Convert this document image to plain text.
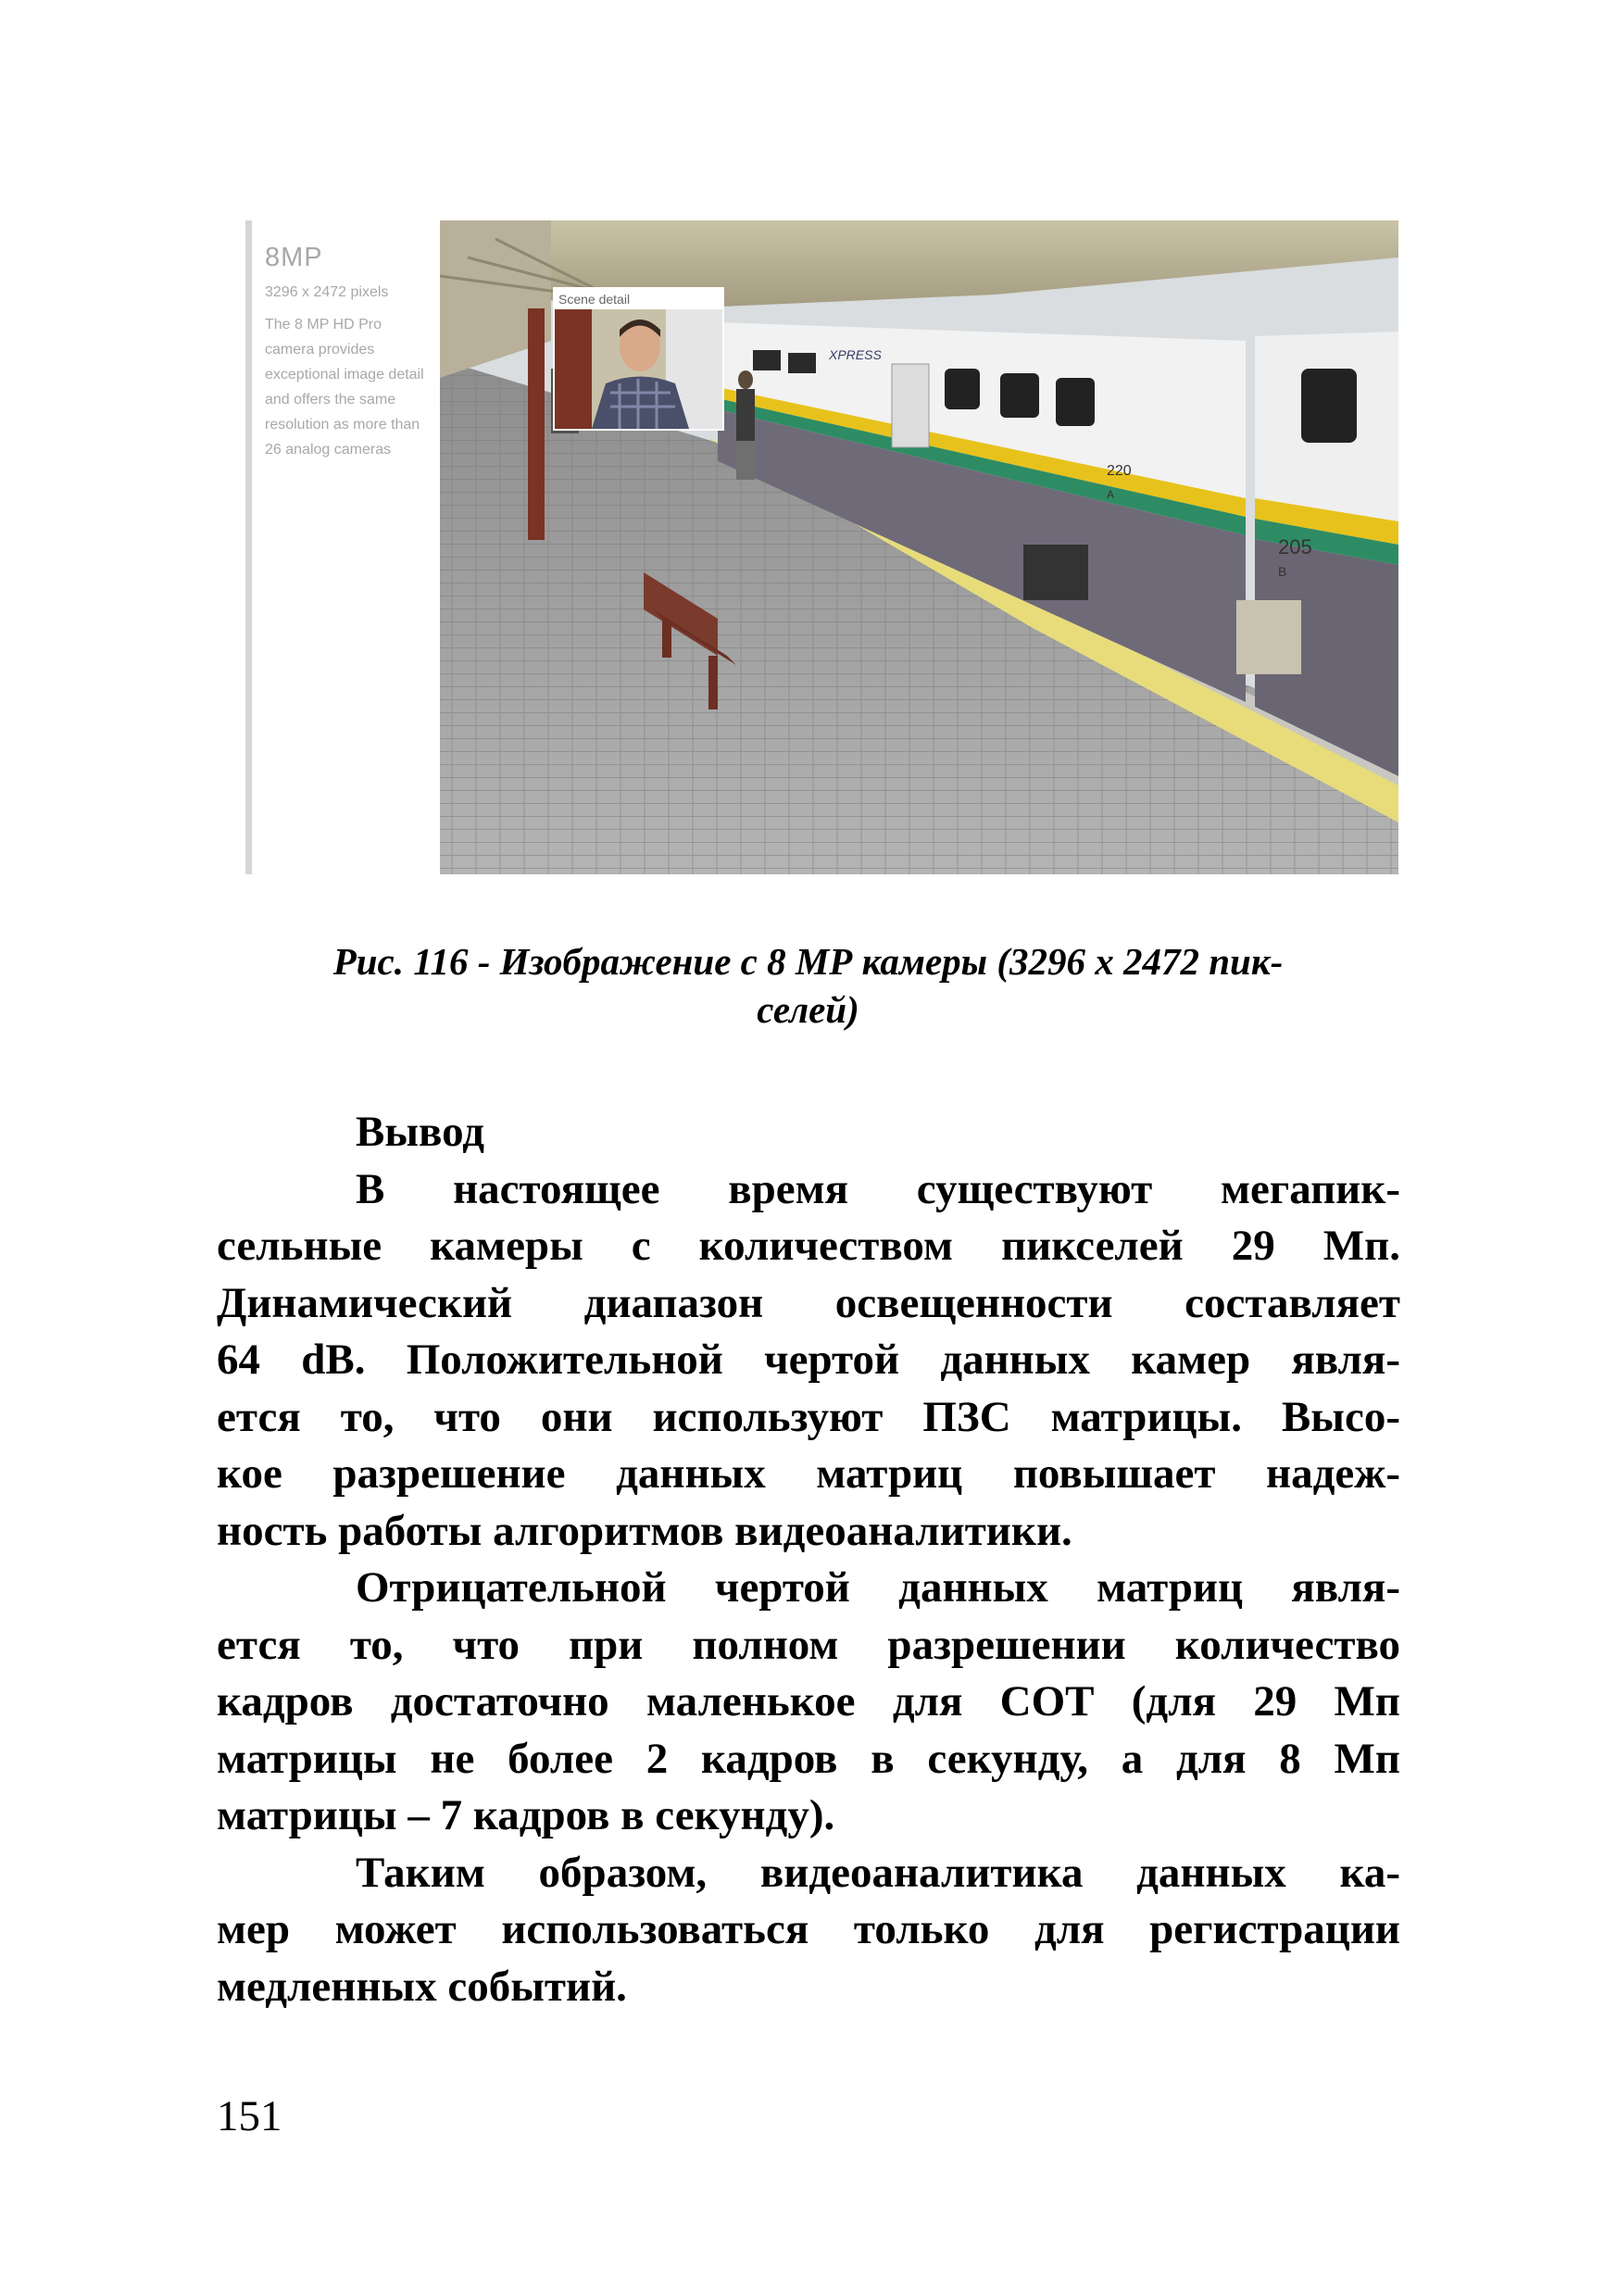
8MP
3296 x 2472 pixels
The 8 MP HD Pro camera provides exceptional image detail and offers the same resolution as more than 26 analog cameras
XPRESS
220
A
205
B
Scene detail
Рис. 116 - Изображение с 8 МР камеры (3296 х 2472 пик-
селей)
Вывод
В настоящее время существуют мегапик-
сельные камеры с количеством пикселей 29 Мп.
Динамический диапазон освещенности составляет
64 dB. Положительной чертой данных камер явля-
ется то, что они используют ПЗС матрицы. Высо-
кое разрешение данных матриц повышает надеж-
ность работы алгоритмов видеоаналитики.
Отрицательной чертой данных матриц явля-
ется то, что при полном разрешении количество
кадров достаточно маленькое для СОТ (для 29 Мп
матрицы не более 2 кадров в секунду, а для 8 Мп
матрицы – 7 кадров в секунду).
Таким образом, видеоаналитика данных ка-
мер может использоваться только для регистрации
медленных событий.
151
